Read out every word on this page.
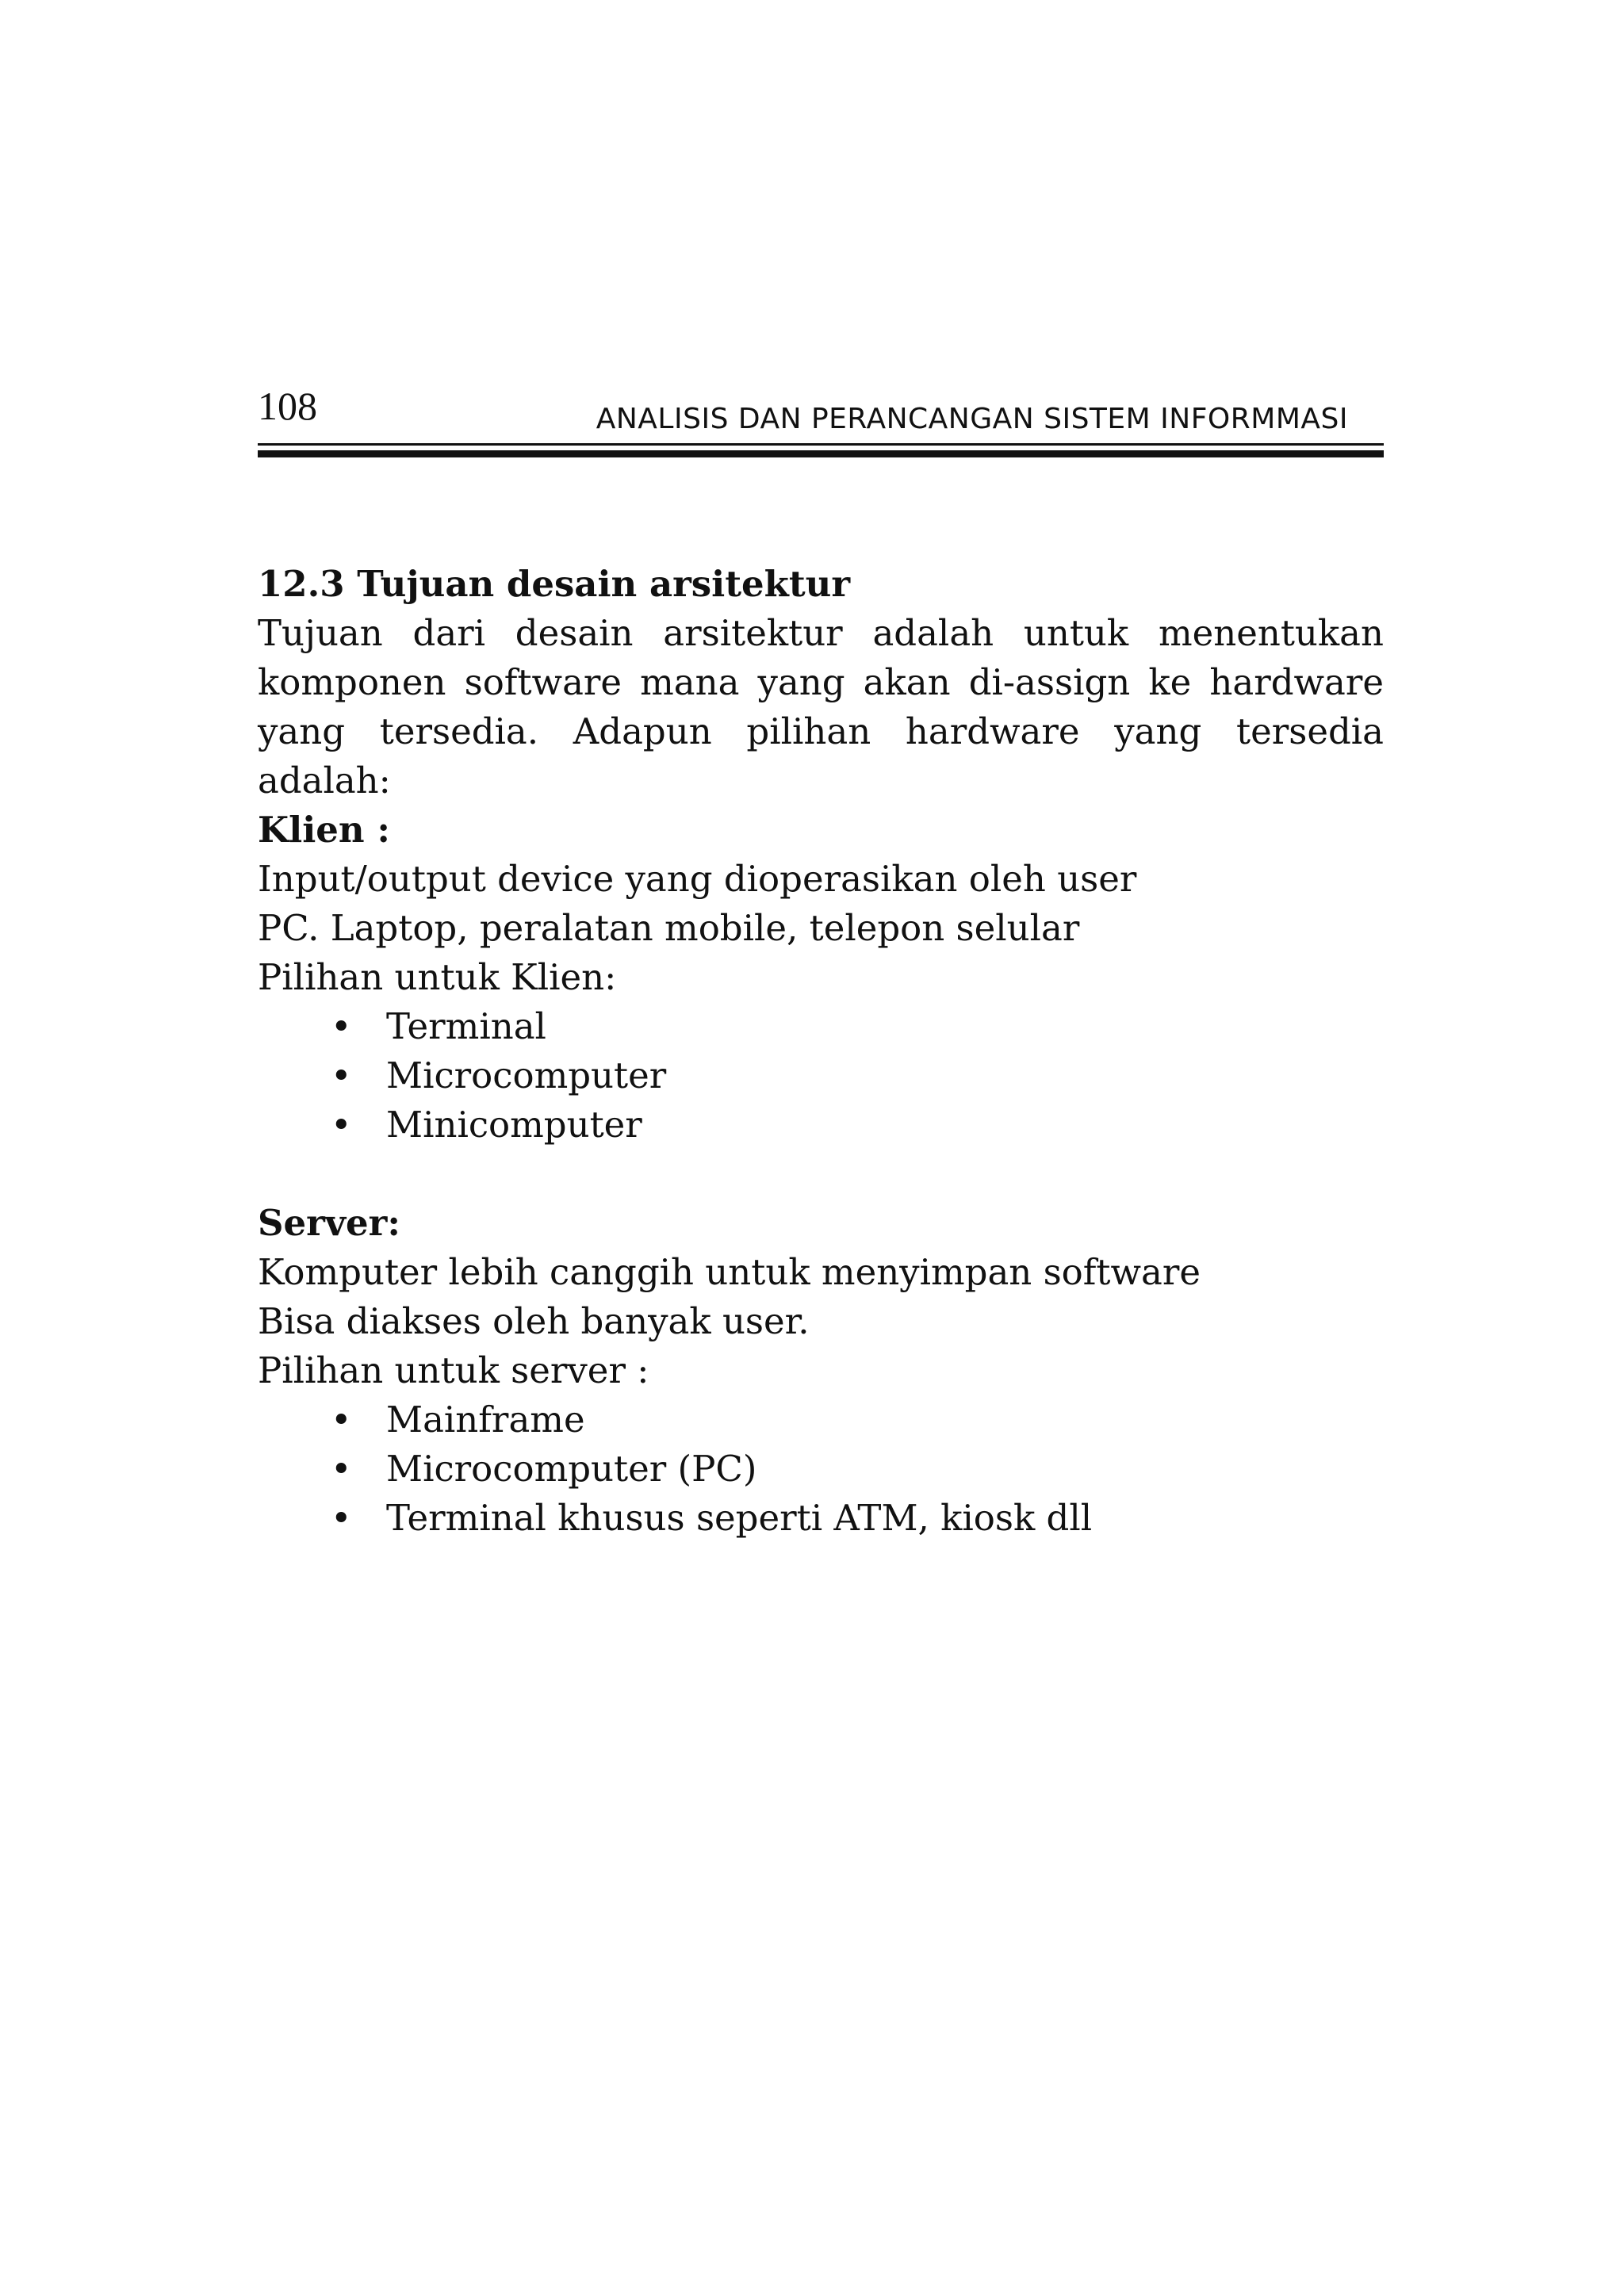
108	ANALISIS DAN PERANCANGAN SISTEM INFORMMASI

12.3 Tujuan desain arsitektur

Tujuan dari desain arsitektur adalah untuk menentukan komponen software mana yang akan di-assign ke hardware yang tersedia. Adapun pilihan hardware yang tersedia adalah:

Klien :

Input/output device yang dioperasikan oleh user

PC. Laptop, peralatan mobile, telepon selular

Pilihan untuk Klien:

• Terminal
• Microcomputer
• Minicomputer

Server:

Komputer lebih canggih untuk menyimpan software

Bisa diakses oleh banyak user.

Pilihan untuk server :

• Mainframe
• Microcomputer (PC)
• Terminal khusus seperti ATM, kiosk dll
